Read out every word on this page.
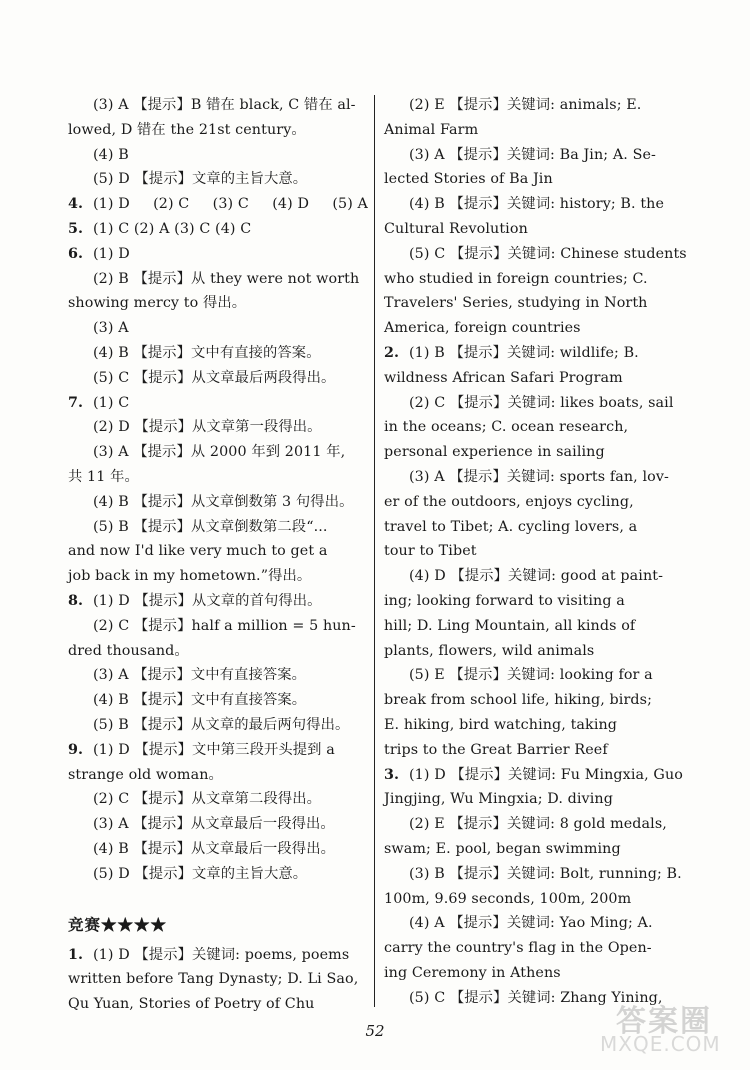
(3) A 【提示】B 错在 black, C 错在 al-
lowed, D 错在 the 21st century。
(4) B
(5) D 【提示】文章的主旨大意。
4. (1) D (2) C (3) C (4) D (5) A
5. (1) C (2) A (3) C (4) C
6. (1) D
(2) B 【提示】从 they were not worth
showing mercy to 得出。
(3) A
(4) B 【提示】文中有直接的答案。
(5) C 【提示】从文章最后两段得出。
7. (1) C
(2) D 【提示】从文章第一段得出。
(3) A 【提示】从 2000 年到 2011 年,
共 11 年。
(4) B 【提示】从文章倒数第 3 句得出。
(5) B 【提示】从文章倒数第二段“...
and now I'd like very much to get a
job back in my hometown.”得出。
8. (1) D 【提示】从文章的首句得出。
(2) C 【提示】half a million = 5 hun-
dred thousand。
(3) A 【提示】文中有直接答案。
(4) B 【提示】文中有直接答案。
(5) B 【提示】从文章的最后两句得出。
9. (1) D 【提示】文中第三段开头提到 a
strange old woman。
(2) C 【提示】从文章第二段得出。
(3) A 【提示】从文章最后一段得出。
(4) B 【提示】从文章最后一段得出。
(5) D 【提示】文章的主旨大意。
竞赛★★★★
1. (1) D 【提示】关键词: poems, poems
written before Tang Dynasty; D. Li Sao,
Qu Yuan, Stories of Poetry of Chu
(2) E 【提示】关键词: animals; E.
Animal Farm
(3) A 【提示】关键词: Ba Jin; A. Se-
lected Stories of Ba Jin
(4) B 【提示】关键词: history; B. the
Cultural Revolution
(5) C 【提示】关键词: Chinese students
who studied in foreign countries; C.
Travelers' Series, studying in North
America, foreign countries
2. (1) B 【提示】关键词: wildlife; B.
wildness African Safari Program
(2) C 【提示】关键词: likes boats, sail
in the oceans; C. ocean research,
personal experience in sailing
(3) A 【提示】关键词: sports fan, lov-
er of the outdoors, enjoys cycling,
travel to Tibet; A. cycling lovers, a
tour to Tibet
(4) D 【提示】关键词: good at paint-
ing; looking forward to visiting a
hill; D. Ling Mountain, all kinds of
plants, flowers, wild animals
(5) E 【提示】关键词: looking for a
break from school life, hiking, birds;
E. hiking, bird watching, taking
trips to the Great Barrier Reef
3. (1) D 【提示】关键词: Fu Mingxia, Guo
Jingjing, Wu Mingxia; D. diving
(2) E 【提示】关键词: 8 gold medals,
swam; E. pool, began swimming
(3) B 【提示】关键词: Bolt, running; B.
100m, 9.69 seconds, 100m, 200m
(4) A 【提示】关键词: Yao Ming; A.
carry the country's flag in the Open-
ing Ceremony in Athens
(5) C 【提示】关键词: Zhang Yining,
52	答案圈
MXQE.COM
